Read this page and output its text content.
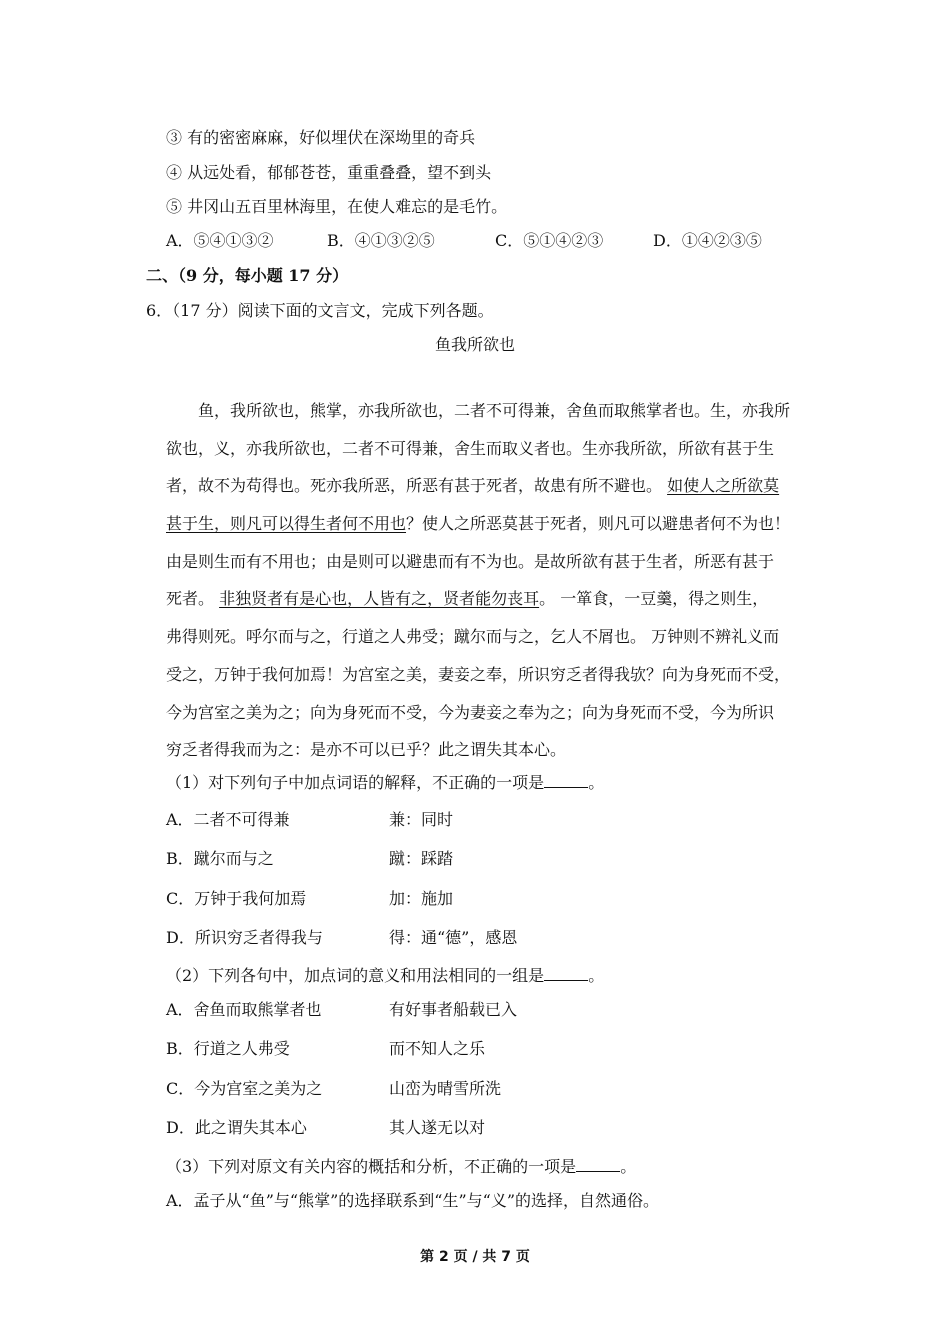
③ 有的密密麻麻，好似埋伏在深坳里的奇兵
④ 从远处看，郁郁苍苍，重重叠叠，望不到头
⑤ 井冈山五百里林海里，在使人难忘的是毛竹。
A．⑤④①③②	B．④①③②⑤	C．⑤①④②③	D．①④②③⑤
二、（9 分，每小题 17 分）
6．（17 分）阅读下面的文言文，完成下列各题。
鱼我所欲也
　　鱼，我所欲也，熊掌，亦我所欲也，二者不可得兼，舍鱼而取熊掌者也。生，亦我所
欲也，义，亦我所欲也，二者不可得兼，舍生而取义者也。生亦我所欲，所欲有甚于生
者，故不为苟得也。死亦我所恶，所恶有甚于死者，故患有所不避也。 如使人之所欲莫
甚于生，则凡可以得生者何不用也？使人之所恶莫甚于死者，则凡可以避患者何不为也！
由是则生而有不用也；由是则可以避患而有不为也。是故所欲有甚于生者，所恶有甚于
死者。 非独贤者有是心也，人皆有之，贤者能勿丧耳。 一箪食，一豆羹，得之则生，
弗得则死。呼尔而与之，行道之人弗受；蹴尔而与之，乞人不屑也。 万钟则不辨礼义而
受之，万钟于我何加焉！为宫室之美，妻妾之奉，所识穷乏者得我欤？向为身死而不受，
今为宫室之美为之；向为身死而不受，今为妻妾之奉为之；向为身死而不受，今为所识
穷乏者得我而为之：是亦不可以已乎？此之谓失其本心。
（1）对下列句子中加点词语的解释，不正确的一项是	。
A．二者不可得兼	兼：同时
B．蹴尔而与之	蹴：踩踏
C．万钟于我何加焉	加：施加
D．所识穷乏者得我与	得：通“德”，感恩
（2）下列各句中，加点词的意义和用法相同的一组是	。
A．舍鱼而取熊掌者也	有好事者船载已入
B．行道之人弗受	而不知人之乐
C．今为宫室之美为之	山峦为晴雪所洗
D．此之谓失其本心	其人遂无以对
（3）下列对原文有关内容的概括和分析，不正确的一项是	。
A．孟子从“鱼”与“熊掌”的选择联系到“生”与“义”的选择，自然通俗。
第 2 页 / 共 7 页
